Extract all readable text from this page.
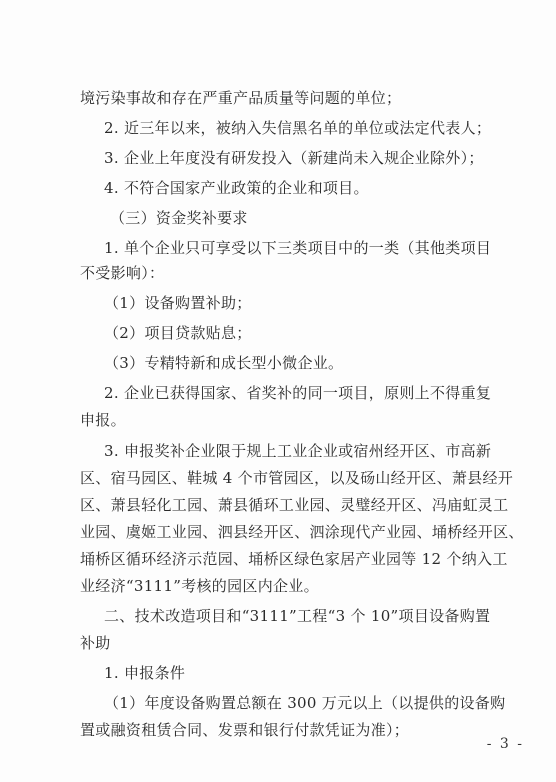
境污染事故和存在严重产品质量等问题的单位；
2. 近三年以来，被纳入失信黑名单的单位或法定代表人；
3. 企业上年度没有研发投入（新建尚未入规企业除外）；
4. 不符合国家产业政策的企业和项目。
（三）资金奖补要求
1. 单个企业只可享受以下三类项目中的一类（其他类项目
不受影响）：
（1）设备购置补助；
（2）项目贷款贴息；
（3）专精特新和成长型小微企业。
2. 企业已获得国家、省奖补的同一项目，原则上不得重复
申报。
3. 申报奖补企业限于规上工业企业或宿州经开区、市高新
区、宿马园区、鞋城 4 个市管园区，以及砀山经开区、萧县经开
区、萧县轻化工园、萧县循环工业园、灵璧经开区、冯庙虹灵工
业园、虞姬工业园、泗县经开区、泗涂现代产业园、埇桥经开区、
埇桥区循环经济示范园、埇桥区绿色家居产业园等 12 个纳入工
业经济“3111”考核的园区内企业。
二、技术改造项目和“3111”工程“3 个 10”项目设备购置
补助
1. 申报条件
（1）年度设备购置总额在 300 万元以上（以提供的设备购
置或融资租赁合同、发票和银行付款凭证为准）；
- 3 -
